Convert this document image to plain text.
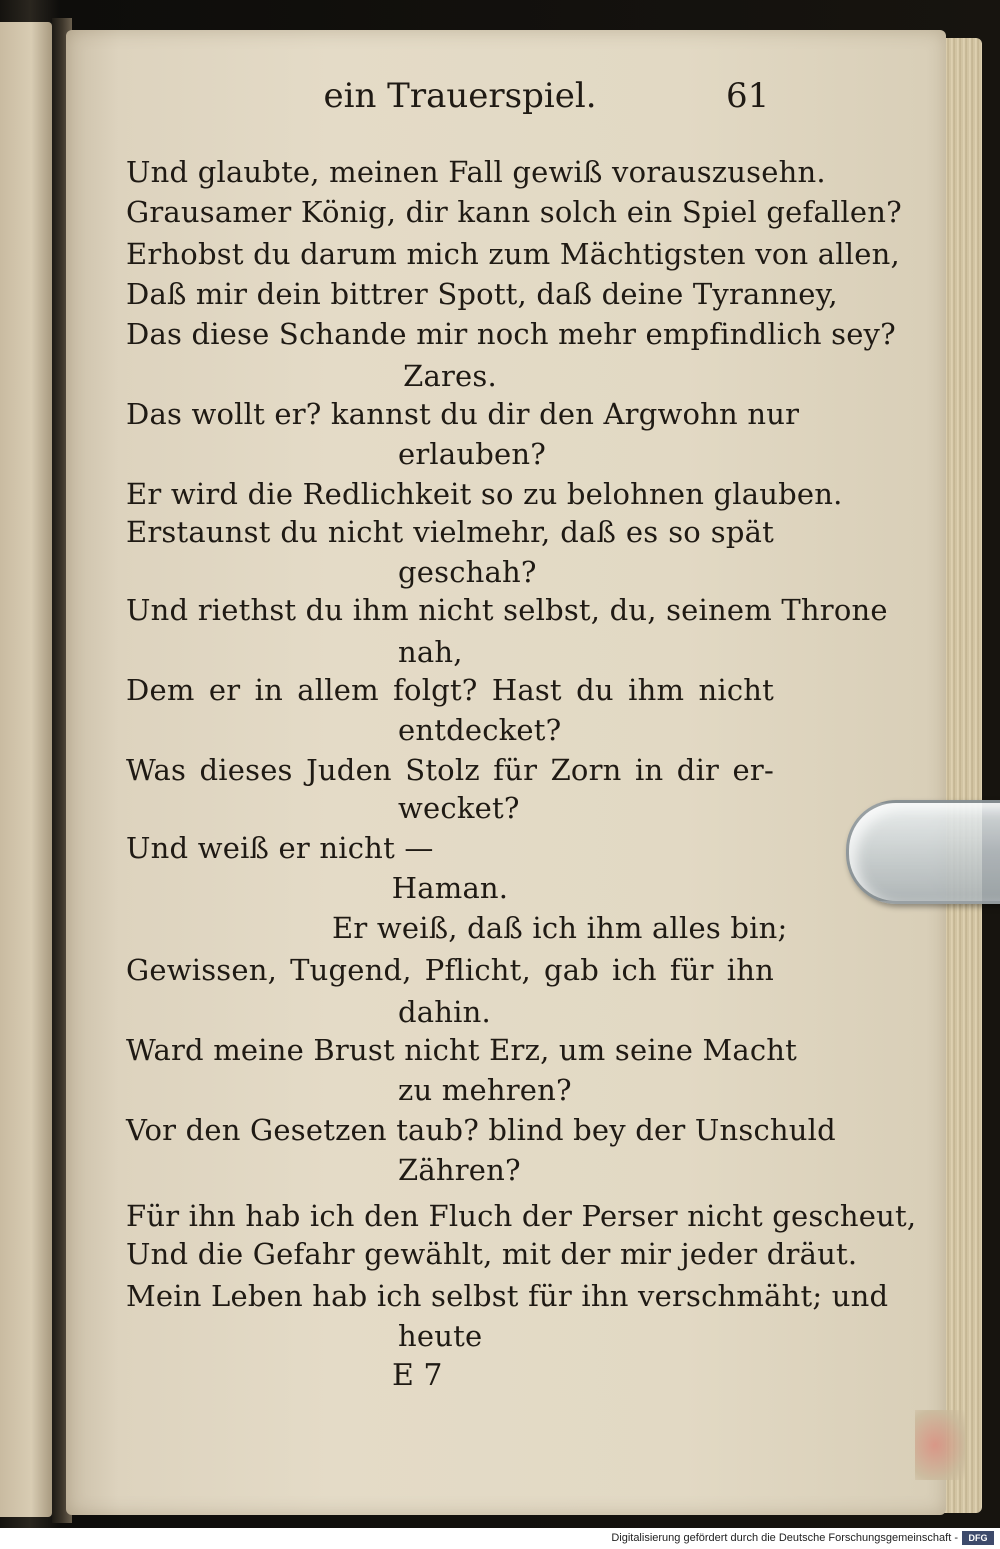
ein Trauerspiel.	61
Und glaubte, meinen Fall gewiß vorauszusehn.
Grausamer König, dir kann solch ein Spiel gefallen?
Erhobst du darum mich zum Mächtigsten von allen,
Daß mir dein bittrer Spott, daß deine Tyranney,
Das diese Schande mir noch mehr empfindlich sey?
Zares.
Das wollt er? kannst du dir den Argwohn nur
erlauben?
Er wird die Redlichkeit so zu belohnen glauben.
Erstaunst du nicht vielmehr, daß es so spät
geschah?
Und riethst du ihm nicht selbst, du, seinem Throne
nah,
Dem er in allem folgt? Hast du ihm nicht
entdecket?
Was dieses Juden Stolz für Zorn in dir er-
wecket?
Und weiß er nicht —
Haman.
Er weiß, daß ich ihm alles bin;
Gewissen, Tugend, Pflicht, gab ich für ihn
dahin.
Ward meine Brust nicht Erz, um seine Macht
zu mehren?
Vor den Gesetzen taub? blind bey der Unschuld
Zähren?
Für ihn hab ich den Fluch der Perser nicht gescheut,
Und die Gefahr gewählt, mit der mir jeder dräut.
Mein Leben hab ich selbst für ihn verschmäht; und
heute
E 7
Digitalisierung gefördert durch die Deutsche Forschungsgemeinschaft -	DFG
